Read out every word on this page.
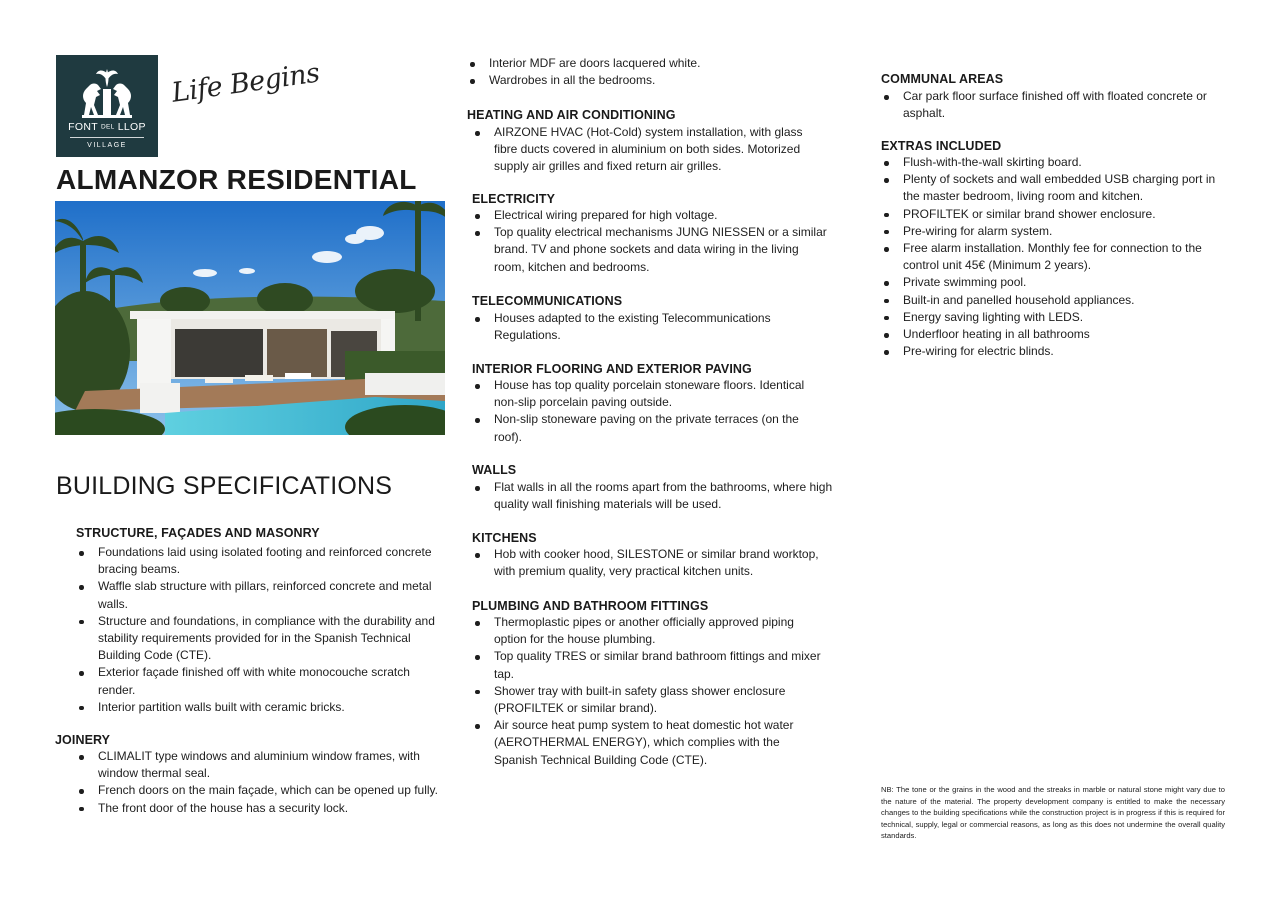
FONT DEL LLOP
VILLAGE
Life Begins
ALMANZOR RESIDENTIAL
BUILDING SPECIFICATIONS
STRUCTURE, FAÇADES AND MASONRY
Foundations laid using isolated footing and reinforced concrete bracing beams.
Waffle slab structure with pillars, reinforced concrete and metal walls.
Structure and foundations, in compliance with the durability and stability requirements provided for in the Spanish Technical Building Code (CTE).
Exterior façade finished off with white monocouche scratch render.
Interior partition walls built with ceramic bricks.
JOINERY
CLIMALIT type windows and aluminium window frames, with window thermal seal.
French doors on the main façade, which can be opened up fully.
The front door of the house has a security lock.
Interior MDF are doors lacquered white.
Wardrobes in all the bedrooms.
HEATING AND AIR CONDITIONING
AIRZONE HVAC (Hot-Cold) system installation, with glass fibre ducts covered in aluminium on both sides. Motorized supply air grilles and fixed return air grilles.
ELECTRICITY
Electrical wiring prepared for high voltage.
Top quality electrical mechanisms JUNG NIESSEN or a similar brand. TV and phone sockets and data wiring in the living room, kitchen and bedrooms.
TELECOMMUNICATIONS
Houses adapted to the existing Telecommunications Regulations.
INTERIOR FLOORING AND EXTERIOR PAVING
House has top quality porcelain stoneware floors. Identical non-slip porcelain paving outside.
Non-slip stoneware paving on the private terraces (on the roof).
WALLS
Flat walls in all the rooms apart from the bathrooms, where high quality wall finishing materials will be used.
KITCHENS
Hob with cooker hood, SILESTONE or similar brand worktop, with premium quality, very practical kitchen units.
PLUMBING AND BATHROOM FITTINGS
Thermoplastic pipes or another officially approved piping option for the house plumbing.
Top quality TRES or similar brand bathroom fittings and mixer tap.
Shower tray with built-in safety glass shower enclosure (PROFILTEK or similar brand).
Air source heat pump system to heat domestic hot water (AEROTHERMAL ENERGY), which complies with the Spanish Technical Building Code (CTE).
COMMUNAL AREAS
Car park floor surface finished off with floated concrete or asphalt.
EXTRAS INCLUDED
Flush-with-the-wall skirting board.
Plenty of sockets and wall embedded USB charging port in the master bedroom, living room and kitchen.
PROFILTEK or similar brand shower enclosure.
Pre-wiring for alarm system.
Free alarm installation. Monthly fee for connection to the control unit 45€ (Minimum 2 years).
Private swimming pool.
Built-in and panelled household appliances.
Energy saving lighting with LEDS.
Underfloor heating in all bathrooms
Pre-wiring for electric blinds.
NB: The tone or the grains in the wood and the streaks in marble or natural stone might vary due to the nature of the material. The property development company is entitled to make the necessary changes to the building specifications while the construction project is in progress if this is required for technical, supply, legal or commercial reasons, as long as this does not undermine the overall quality standards.
